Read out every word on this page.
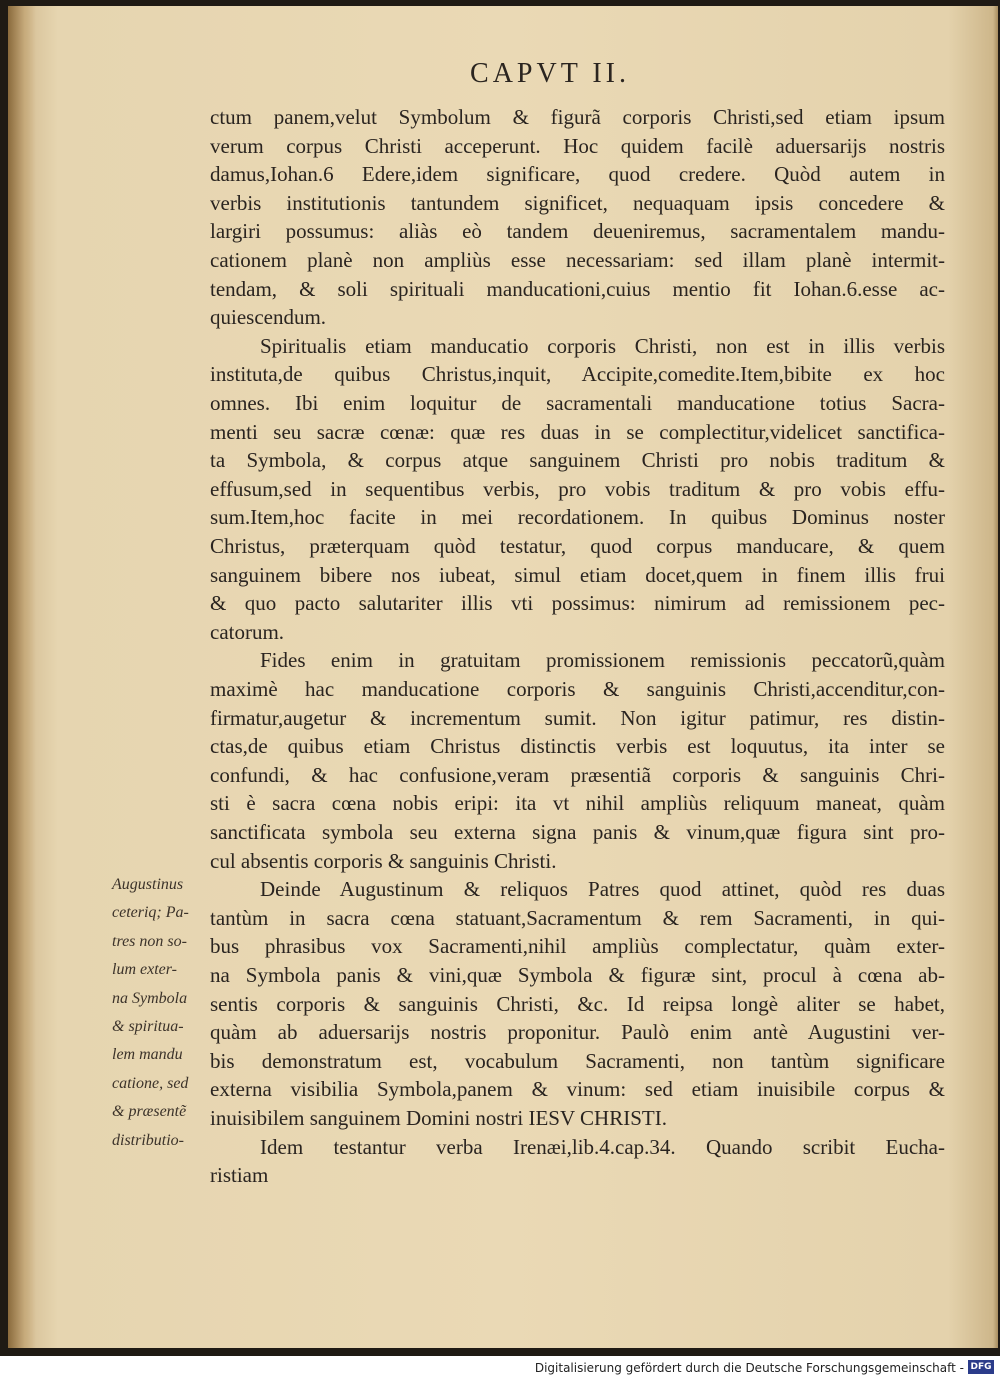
CAPVT II.
ctum panem,velut Symbolum & figurã corporis Christi,sed etiam ipsum
verum corpus Christi acceperunt. Hoc quidem facilè aduersarijs nostris
damus,Iohan.6 Edere,idem significare, quod credere. Quòd autem in
verbis institutionis tantundem significet, nequaquam ipsis concedere &
largiri possumus: aliàs eò tandem deueniremus, sacramentalem mandu-
cationem planè non ampliùs esse necessariam: sed illam planè intermit-
tendam, & soli spirituali manducationi,cuius mentio fit Iohan.6.esse ac-
quiescendum.
Spiritualis etiam manducatio corporis Christi, non est in illis verbis
instituta,de quibus Christus,inquit, Accipite,comedite.Item,bibite ex hoc
omnes. Ibi enim loquitur de sacramentali manducatione totius Sacra-
menti seu sacræ cœnæ: quæ res duas in se complectitur,videlicet sanctifica-
ta Symbola, & corpus atque sanguinem Christi pro nobis traditum &
effusum,sed in sequentibus verbis, pro vobis traditum & pro vobis effu-
sum.Item,hoc facite in mei recordationem. In quibus Dominus noster
Christus, præterquam quòd testatur, quod corpus manducare, & quem
sanguinem bibere nos iubeat, simul etiam docet,quem in finem illis frui
& quo pacto salutariter illis vti possimus: nimirum ad remissionem pec-
catorum.
Fides enim in gratuitam promissionem remissionis peccatorũ,quàm
maximè hac manducatione corporis & sanguinis Christi,accenditur,con-
firmatur,augetur & incrementum sumit. Non igitur patimur, res distin-
ctas,de quibus etiam Christus distinctis verbis est loquutus, ita inter se
confundi, & hac confusione,veram præsentiã corporis & sanguinis Chri-
sti è sacra cœna nobis eripi: ita vt nihil ampliùs reliquum maneat, quàm
sanctificata symbola seu externa signa panis & vinum,quæ figura sint pro-
cul absentis corporis & sanguinis Christi.
Deinde Augustinum & reliquos Patres quod attinet, quòd res duas
tantùm in sacra cœna statuant,Sacramentum & rem Sacramenti, in qui-
bus phrasibus vox Sacramenti,nihil ampliùs complectatur, quàm exter-
na Symbola panis & vini,quæ Symbola & figuræ sint, procul à cœna ab-
sentis corporis & sanguinis Christi, &c. Id reipsa longè aliter se habet,
quàm ab aduersarijs nostris proponitur. Paulò enim antè Augustini ver-
bis demonstratum est, vocabulum Sacramenti, non tantùm significare
externa visibilia Symbola,panem & vinum: sed etiam inuisibile corpus &
inuisibilem sanguinem Domini nostri IESV CHRISTI.
Idem testantur verba Irenæi,lib.4.cap.34. Quando scribit Eucha-
ristiam
Augustinus
ceteriq; Pa-
tres non so-
lum exter-
na Symbola
& spiritua-
lem mandu
catione, sed
& præsentẽ
distributio-
Digitalisierung gefördert durch die Deutsche Forschungsgemeinschaft - DFG
